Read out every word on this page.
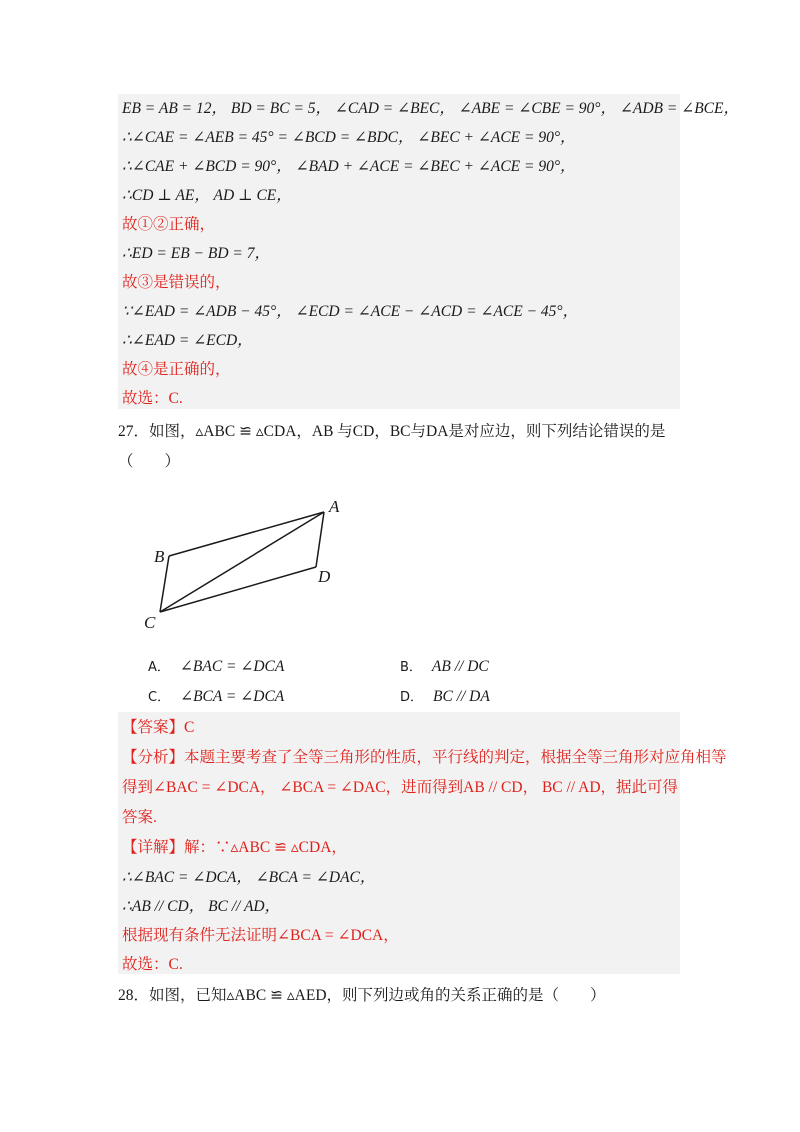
EB = AB = 12， BD = BC = 5， ∠CAD = ∠BEC， ∠ABE = ∠CBE = 90°， ∠ADB = ∠BCE，
∴∠CAE = ∠AEB = 45° = ∠BCD = ∠BDC， ∠BEC + ∠ACE = 90°，
∴∠CAE + ∠BCD = 90°， ∠BAD + ∠ACE = ∠BEC + ∠ACE = 90°，
∴CD ⊥ AE， AD ⊥ CE，
故①②正确，
∴ED = EB − BD = 7，
故③是错误的，
∵∠EAD = ∠ADB − 45°， ∠ECD = ∠ACE − ∠ACD = ∠ACE − 45°，
∴∠EAD = ∠ECD，
故④是正确的，
故选：C.
27．如图，▵ABC ≌ ▵CDA，AB 与CD，BC与DA是对应边，则下列结论错误的是
（　　）
A
B
C
D
A． ∠BAC = ∠DCA	B． AB // DC
C． ∠BCA = ∠DCA	D． BC // DA
【答案】C
【分析】本题主要考查了全等三角形的性质，平行线的判定，根据全等三角形对应角相等
得到∠BAC = ∠DCA， ∠BCA = ∠DAC，进而得到AB // CD， BC // AD，据此可得
答案.
【详解】解：∵▵ABC ≌ ▵CDA，
∴∠BAC = ∠DCA， ∠BCA = ∠DAC，
∴AB // CD， BC // AD，
根据现有条件无法证明∠BCA = ∠DCA，
故选：C.
28．如图，已知▵ABC ≌ ▵AED，则下列边或角的关系正确的是（　　）
